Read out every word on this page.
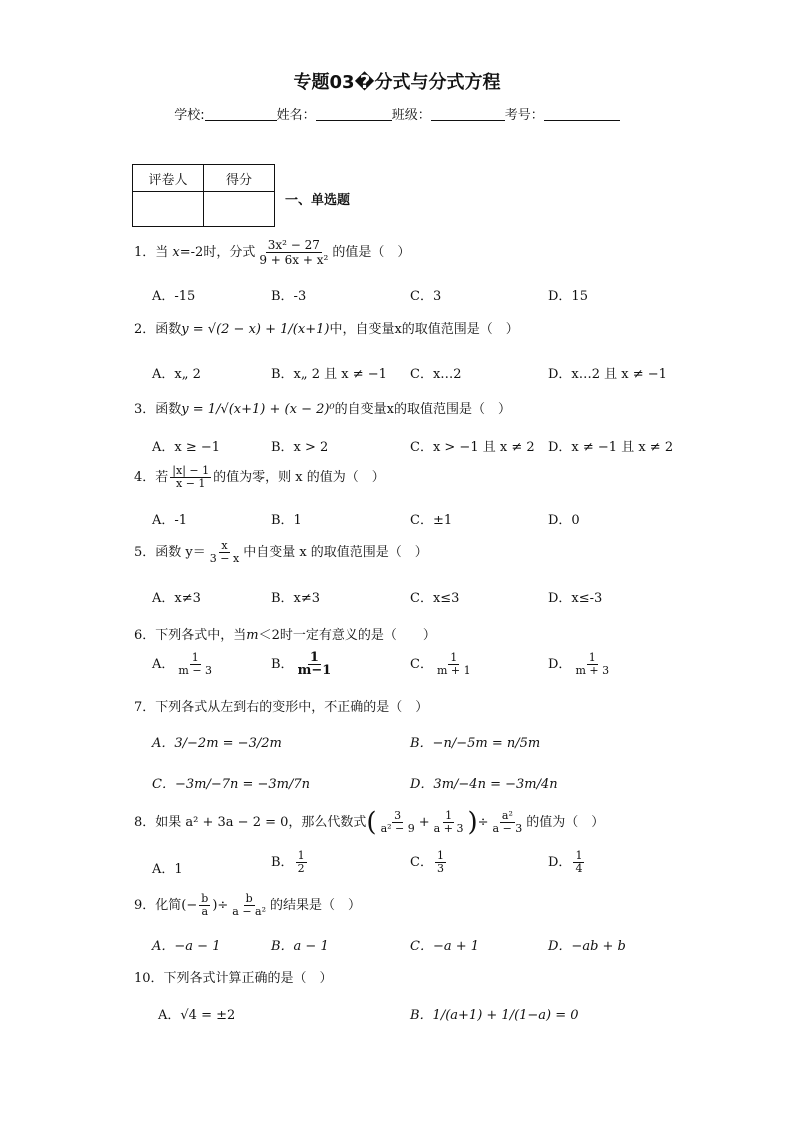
专题03�分式与分式方程
学校:	姓名：	班级：	考号：
评卷人	得分

一、单选题
1．当 x=-2时，分式 $\frac{\text{3x² − 27}}{\text{9 + 6x + x²}}$ 的值是（　）
A．-15	B．-3	C．3	D．15
2．函数y = √(2 − x) + 1/(x+1)中，自变量x的取值范围是（　）
A．x„ 2	B．x„ 2 且 x ≠ −1 C．x…2	D．x…2 且 x ≠ −1
3．函数y = 1/√(x+1) + (x − 2)⁰的自变量x的取值范围是（　）
A．x ≥ −1	B．x > 2	C．x > −1 且 x ≠ 2 D．x ≠ −1 且 x ≠ 2
4．若 $\frac{|x| - 1}{x - 1}$ 的值为零，则 x 的值为（　）
A．-1	B．1	C．±1	D．0
5．函数 $y= \frac{x}{3 - x}$ 中自变量 x 的取值范围是（　）
A．x≠3	B．x≠3	C．x≤3	D．x≤-3
6．下列各式中，当m＜2时一定有意义的是（　　）
A． $\frac{1}{m - 3}$	B． $\frac{1}{m-1}$	C． $\frac{1}{m + 1}$	D． $\frac{1}{m + 3}$
7．下列各式从左到右的变形中，不正确的是（　）
A．3/−2m = −3/2m	B．−n/−5m = n/5m
C．−3m/−7n = −3m/7n	D．3m/−4n = −3m/4n
8．如果 a² + 3a − 2 = 0，那么代数式( $\frac{3}{\text{a² − 9}} + \frac{1}{a + 3}$ )÷ $\frac{\text{a²}}{a - 3}$ 的值为（　）
A．1	B． $\frac{1}{2}$	C． $\frac{1}{3}$	D． $\frac{1}{4}$
9．化简(− $\frac{b}{a}$ )÷ $\frac{b}{\text{a − a²}}$ 的结果是（　）
A．−a − 1	B．a − 1	C．−a + 1	D．−ab + b
10．下列各式计算正确的是（　）
A．√4 = ±2	B．1/(a+1) + 1/(1−a) = 0
